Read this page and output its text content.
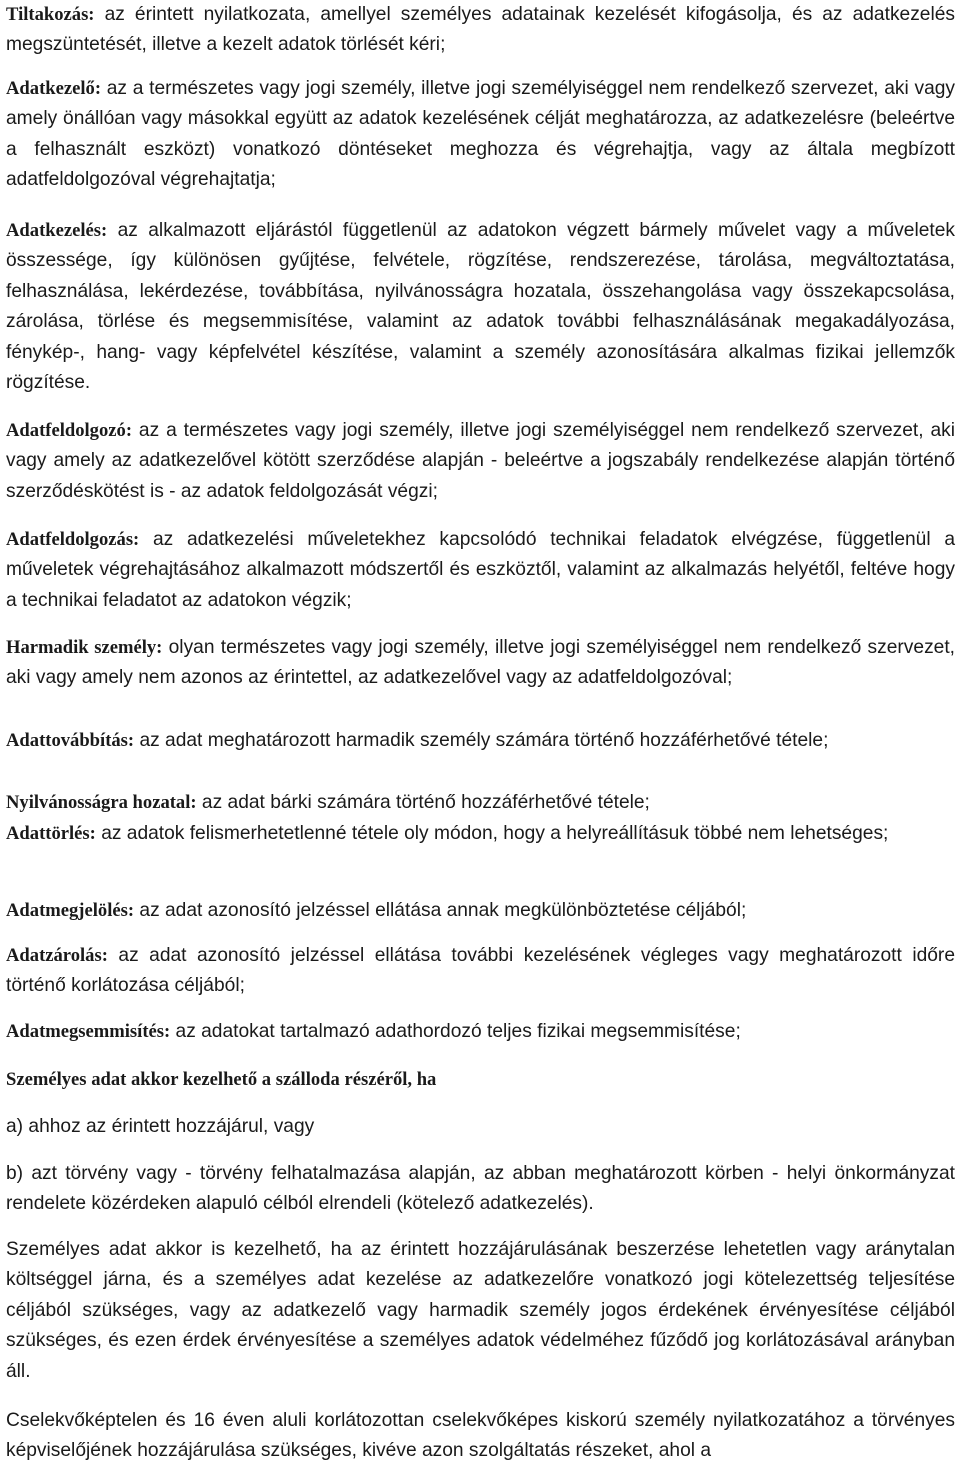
Tiltakozás: az érintett nyilatkozata, amellyel személyes adatainak kezelését kifogásolja, és az adatkezelés megszüntetését, illetve a kezelt adatok törlését kéri;

Adatkezelő: az a természetes vagy jogi személy, illetve jogi személyiséggel nem rendelkező szervezet, aki vagy amely önállóan vagy másokkal együtt az adatok kezelésének célját meghatározza, az adatkezelésre (beleértve a felhasznált eszközt) vonatkozó döntéseket meghozza és végrehajtja, vagy az általa megbízott adatfeldolgozóval végrehajtatja;

Adatkezelés: az alkalmazott eljárástól függetlenül az adatokon végzett bármely művelet vagy a műveletek összessége, így különösen gyűjtése, felvétele, rögzítése, rendszerezése, tárolása, megváltoztatása, felhasználása, lekérdezése, továbbítása, nyilvánosságra hozatala, összehangolása vagy összekapcsolása, zárolása, törlése és megsemmisítése, valamint az adatok további felhasználásának megakadályozása, fénykép-, hang- vagy képfelvétel készítése, valamint a személy azonosítására alkalmas fizikai jellemzők rögzítése.

Adatfeldolgozó: az a természetes vagy jogi személy, illetve jogi személyiséggel nem rendelkező szervezet, aki vagy amely az adatkezelővel kötött szerződése alapján - beleértve a jogszabály rendelkezése alapján történő szerződéskötést is - az adatok feldolgozását végzi;

Adatfeldolgozás: az adatkezelési műveletekhez kapcsolódó technikai feladatok elvégzése, függetlenül a műveletek végrehajtásához alkalmazott módszertől és eszköztől, valamint az alkalmazás helyétől, feltéve hogy a technikai feladatot az adatokon végzik;

Harmadik személy: olyan természetes vagy jogi személy, illetve jogi személyiséggel nem rendelkező szervezet, aki vagy amely nem azonos az érintettel, az adatkezelővel vagy az adatfeldolgozóval;

Adattovábbítás: az adat meghatározott harmadik személy számára történő hozzáférhetővé tétele;

Nyilvánosságra hozatal: az adat bárki számára történő hozzáférhetővé tétele;

Adattörlés: az adatok felismerhetetlenné tétele oly módon, hogy a helyreállításuk többé nem lehetséges;

Adatmegjelölés: az adat azonosító jelzéssel ellátása annak megkülönböztetése céljából;

Adatzárolás: az adat azonosító jelzéssel ellátása további kezelésének végleges vagy meghatározott időre történő korlátozása céljából;

Adatmegsemmisítés: az adatokat tartalmazó adathordozó teljes fizikai megsemmisítése;

Személyes adat akkor kezelhető a szálloda részéről, ha

a) ahhoz az érintett hozzájárul, vagy

b) azt törvény vagy - törvény felhatalmazása alapján, az abban meghatározott körben - helyi önkormányzat rendelete közérdeken alapuló célból elrendeli (kötelező adatkezelés).

Személyes adat akkor is kezelhető, ha az érintett hozzájárulásának beszerzése lehetetlen vagy aránytalan költséggel járna, és a személyes adat kezelése az adatkezelőre vonatkozó jogi kötelezettség teljesítése céljából szükséges, vagy az adatkezelő vagy harmadik személy jogos érdekének érvényesítése céljából szükséges, és ezen érdek érvényesítése a személyes adatok védelméhez fűződő jog korlátozásával arányban áll.

Cselekvőképtelen és 16 éven aluli korlátozottan cselekvőképes kiskorú személy nyilatkozatához a törvényes képviselőjének hozzájárulása szükséges, kivéve azon szolgáltatás részeket, ahol a
